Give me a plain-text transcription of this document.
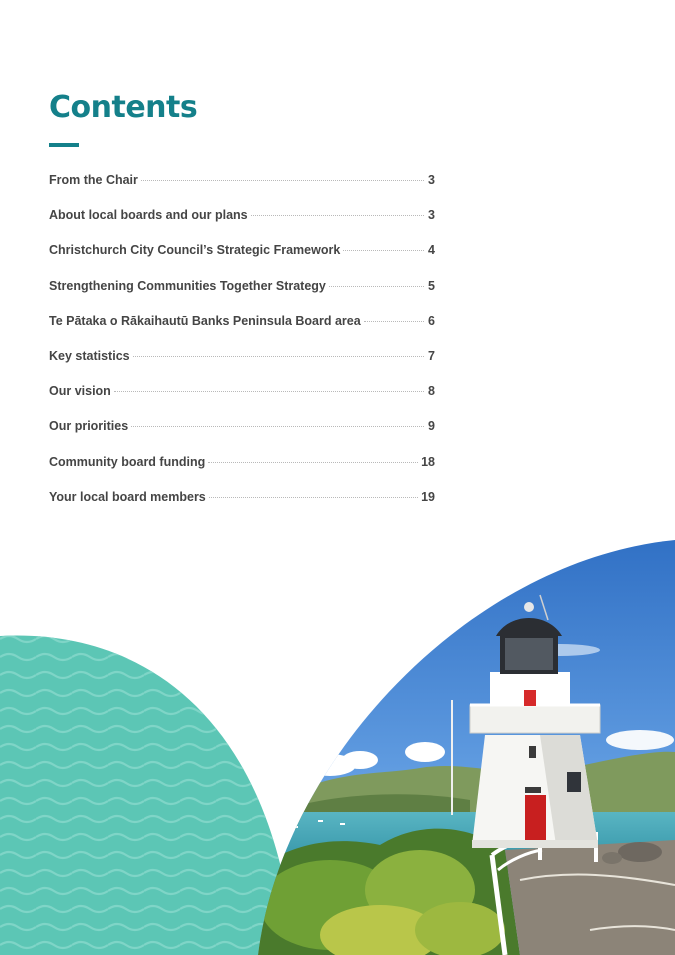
Contents
From the Chair	3
About local boards and our plans	3
Christchurch City Council’s Strategic Framework	4
Strengthening Communities Together Strategy	5
Te Pātaka o Rākaihautū Banks Peninsula Board area	6
Key statistics	7
Our vision	8
Our priorities	9
Community board funding	18
Your local board members	19
